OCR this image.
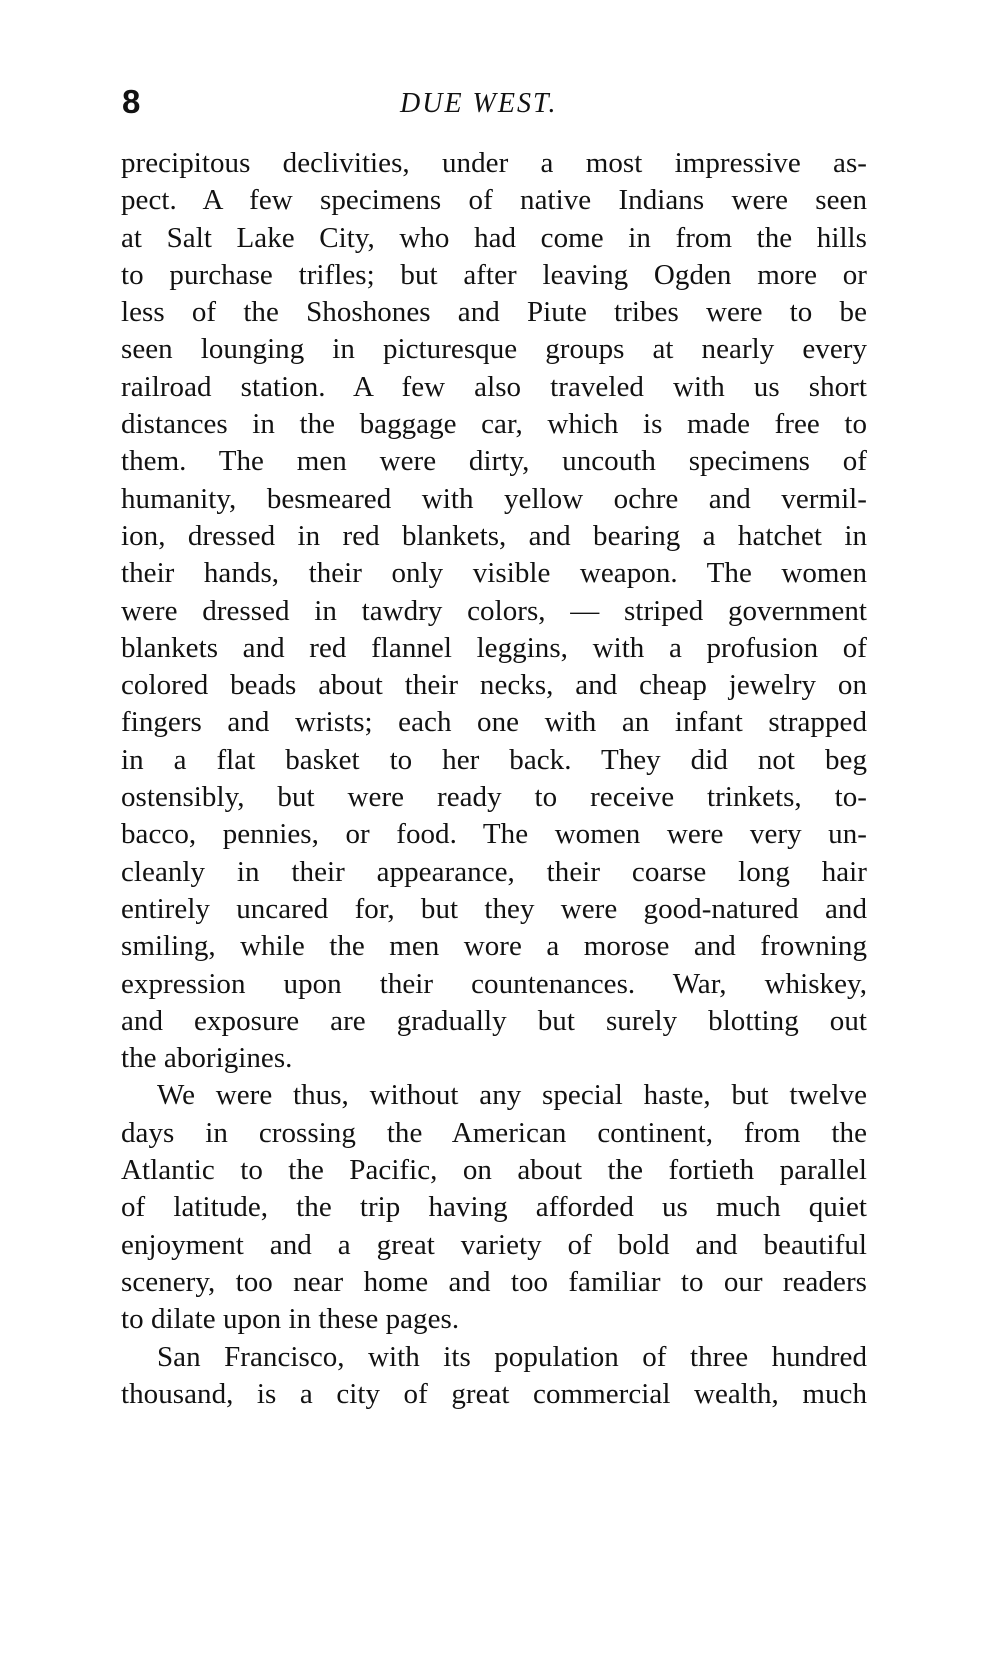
8	DUE WEST.
precipitous declivities, under a most impressive as-
pect. A few specimens of native Indians were seen
at Salt Lake City, who had come in from the hills
to purchase trifles; but after leaving Ogden more or
less of the Shoshones and Piute tribes were to be
seen lounging in picturesque groups at nearly every
railroad station. A few also traveled with us short
distances in the baggage car, which is made free to
them. The men were dirty, uncouth specimens of
humanity, besmeared with yellow ochre and vermil-
ion, dressed in red blankets, and bearing a hatchet in
their hands, their only visible weapon. The women
were dressed in tawdry colors, — striped government
blankets and red flannel leggins, with a profusion of
colored beads about their necks, and cheap jewelry on
fingers and wrists; each one with an infant strapped
in a flat basket to her back. They did not beg
ostensibly, but were ready to receive trinkets, to-
bacco, pennies, or food. The women were very un-
cleanly in their appearance, their coarse long hair
entirely uncared for, but they were good-natured and
smiling, while the men wore a morose and frowning
expression upon their countenances. War, whiskey,
and exposure are gradually but surely blotting out
the aborigines.
We were thus, without any special haste, but twelve
days in crossing the American continent, from the
Atlantic to the Pacific, on about the fortieth parallel
of latitude, the trip having afforded us much quiet
enjoyment and a great variety of bold and beautiful
scenery, too near home and too familiar to our readers
to dilate upon in these pages.
San Francisco, with its population of three hundred
thousand, is a city of great commercial wealth, much
